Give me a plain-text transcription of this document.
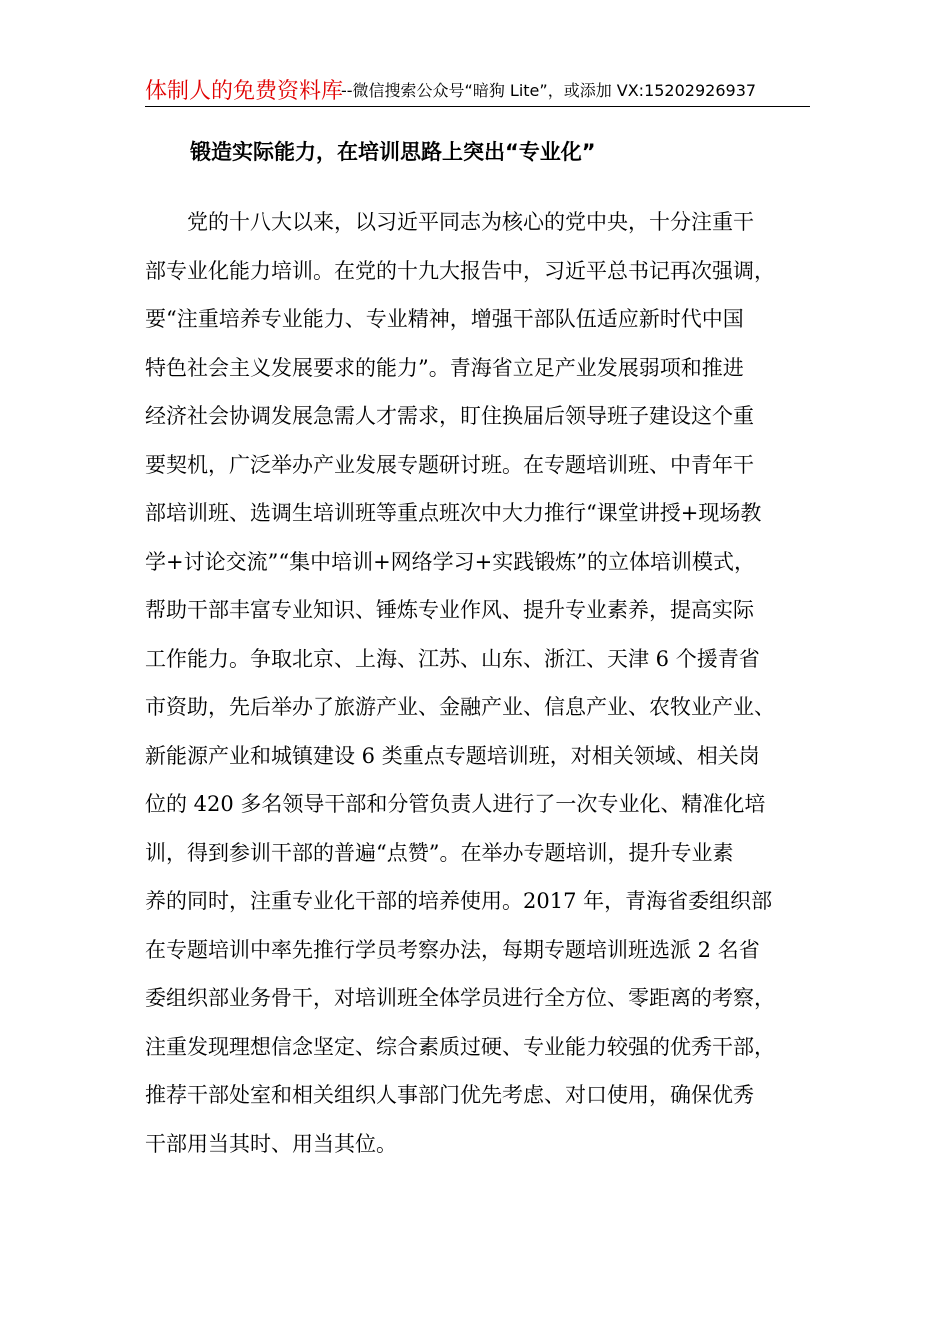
体制人的免费资料库
--微信搜索公众号“暗狗 Lite”，或添加 VX:15202926937
锻造实际能力，在培训思路上突出“专业化”
　　党的十八大以来，以习近平同志为核心的党中央，十分注重干
部专业化能力培训。在党的十九大报告中，习近平总书记再次强调，
要“注重培养专业能力、专业精神，增强干部队伍适应新时代中国
特色社会主义发展要求的能力”。青海省立足产业发展弱项和推进
经济社会协调发展急需人才需求，盯住换届后领导班子建设这个重
要契机，广泛举办产业发展专题研讨班。在专题培训班、中青年干
部培训班、选调生培训班等重点班次中大力推行“课堂讲授+现场教
学+讨论交流”“集中培训+网络学习+实践锻炼”的立体培训模式，
帮助干部丰富专业知识、锤炼专业作风、提升专业素养，提高实际
工作能力。争取北京、上海、江苏、山东、浙江、天津 6 个援青省
市资助，先后举办了旅游产业、金融产业、信息产业、农牧业产业、
新能源产业和城镇建设 6 类重点专题培训班，对相关领域、相关岗
位的 420 多名领导干部和分管负责人进行了一次专业化、精准化培
训，得到参训干部的普遍“点赞”。在举办专题培训，提升专业素
养的同时，注重专业化干部的培养使用。2017 年，青海省委组织部
在专题培训中率先推行学员考察办法，每期专题培训班选派 2 名省
委组织部业务骨干，对培训班全体学员进行全方位、零距离的考察，
注重发现理想信念坚定、综合素质过硬、专业能力较强的优秀干部，
推荐干部处室和相关组织人事部门优先考虑、对口使用，确保优秀
干部用当其时、用当其位。
